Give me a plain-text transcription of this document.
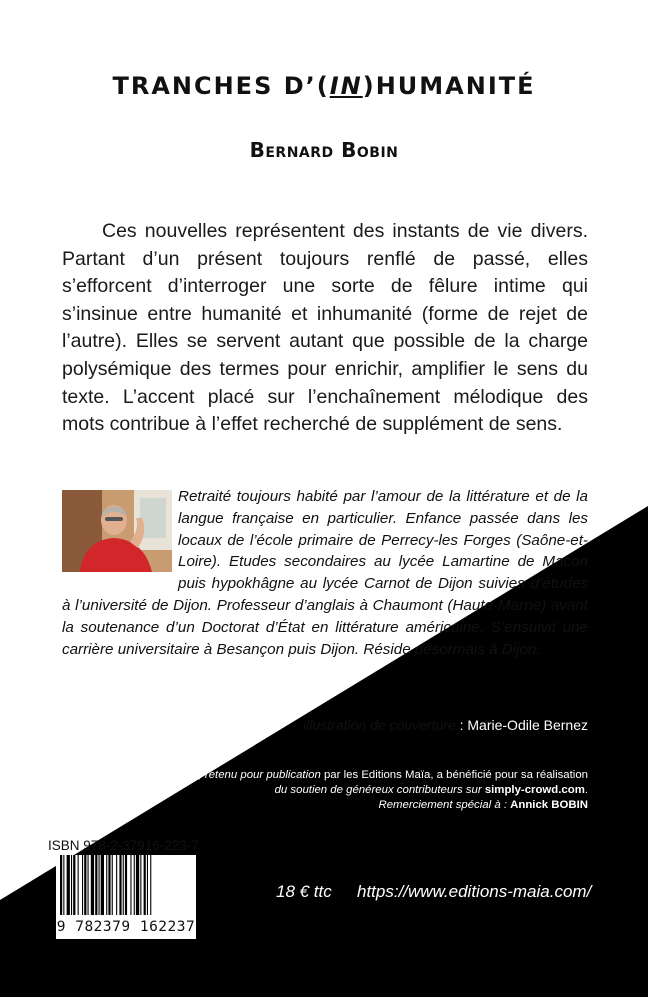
TRANCHES D’(IN)HUMANITÉ
Bernard Bobin
Ces nouvelles représentent des instants de vie divers. Partant d’un présent toujours renflé de passé, elles s’efforcent d’interroger une sorte de fêlure intime qui s’insinue entre humanité et inhumanité (forme de rejet de l’autre). Elles se servent autant que possible de la charge polysémique des termes pour enrichir, amplifier le sens du texte. L’accent placé sur l’enchaînement mélodique des mots contribue à l’effet recherché de supplément de sens.
Retraité toujours habité par l’amour de la littérature et de la langue française en particulier. Enfance passée dans les locaux de l’école primaire de Perrecy-les Forges (Saône-et-Loire). Etudes secondaires au lycée Lamartine de Macon puis hypokhâgne au lycée Carnot de Dijon suivies d’études à l’université de Dijon. Professeur d’anglais à Chaumont (Haute-Marne) avant la soutenance d’un Doctorat d’État en littérature américaine. S’ensuivit une carrière universitaire à Besançon puis Dijon. Réside désormais à Dijon.
illustration de couverture : Marie-Odile Bernez
Ce livre, retenu pour publication par les Editions Maïa, a bénéficié pour sa réalisation
du soutien de généreux contributeurs sur simply-crowd.com.
Remerciement spécial à : Annick BOBIN
ISBN 978-2-37916-223-7
9 782379 162237
18 € ttc https://www.editions-maia.com/
